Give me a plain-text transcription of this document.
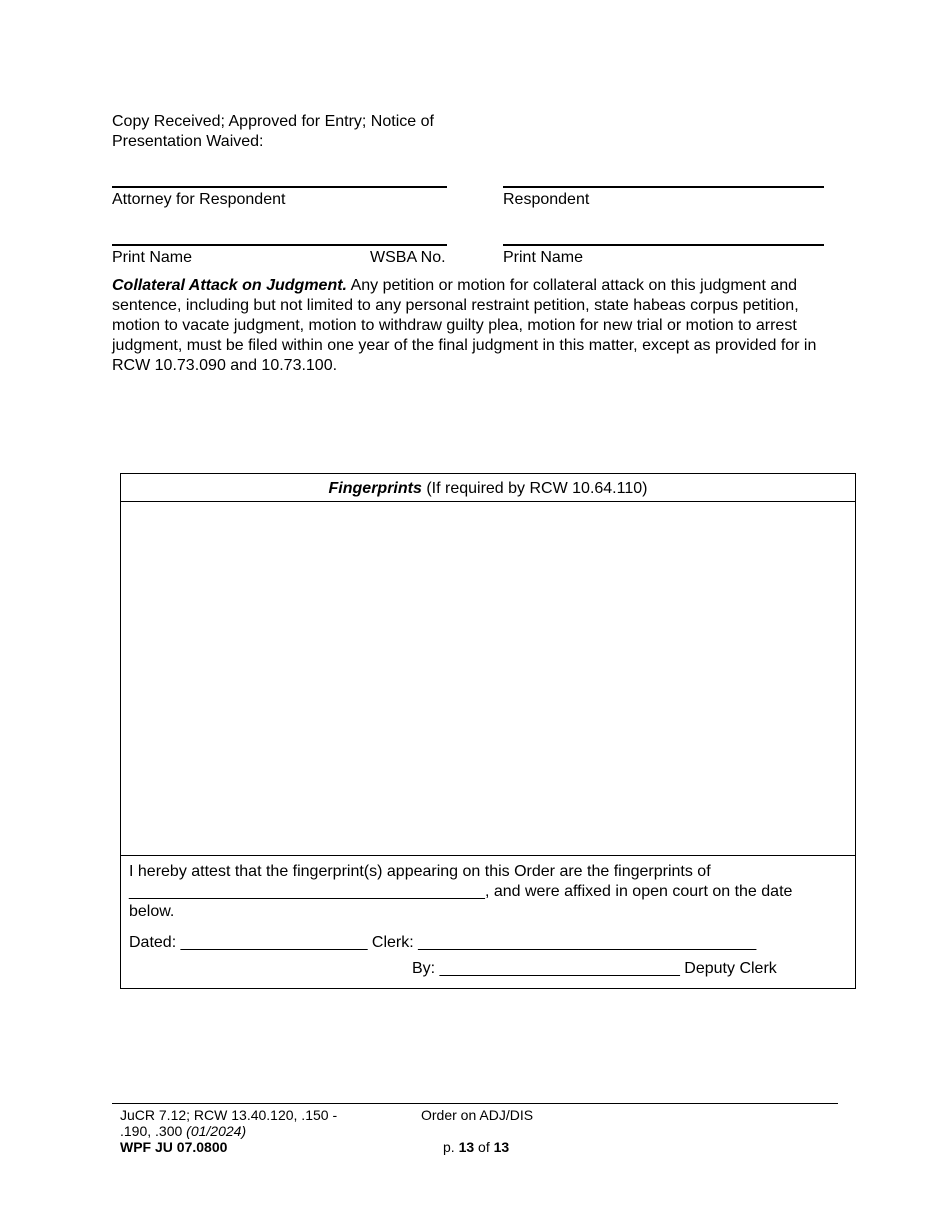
Copy Received; Approved for Entry; Notice of
Presentation Waived:
Attorney for Respondent	Respondent
Print Name	WSBA No.	Print Name
Collateral Attack on Judgment. Any petition or motion for collateral attack on this judgment and sentence, including but not limited to any personal restraint petition, state habeas corpus petition, motion to vacate judgment, motion to withdraw guilty plea, motion for new trial or motion to arrest judgment, must be filed within one year of the final judgment in this matter, except as provided for in RCW 10.73.090 and 10.73.100.
Fingerprints (If required by RCW 10.64.110)
I hereby attest that the fingerprint(s) appearing on this Order are the fingerprints of
________________________________________, and were affixed in open court on the date
below.
Dated: _____________________ Clerk: ______________________________________
By: ___________________________ Deputy Clerk
JuCR 7.12; RCW 13.40.120, .150 -
.190, .300 (01/2024)
WPF JU 07.0800
Order on ADJ/DIS
p. 13 of 13
